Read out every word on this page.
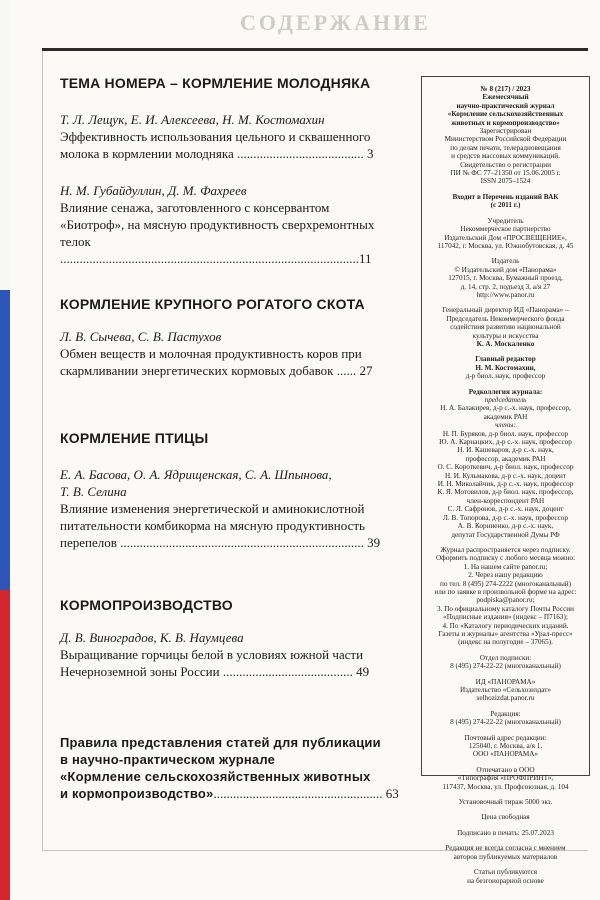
СОДЕРЖАНИЕ
ТЕМА НОМЕРА – КОРМЛЕНИЕ МОЛОДНЯКА
Т. Л. Лещук, Е. И. Алексеева, Н. М. Костомахин
Эффективность использования цельного и сквашенного
молока в кормлении молодняка ....................................... 3
Н. М. Губайдуллин, Д. М. Фахреев
Влияние сенажа, заготовленного с консервантом
«Биотроф», на мясную продуктивность сверхремонтных
телок ............................................................................................11
КОРМЛЕНИЕ КРУПНОГО РОГАТОГО СКОТА
Л. В. Сычева, С. В. Пастухов
Обмен веществ и молочная продуктивность коров при
скармливании энергетических кормовых добавок ...... 27
КОРМЛЕНИЕ ПТИЦЫ
Е. А. Басова, О. А. Ядрищенская, С. А. Шпынова,
Т. В. Селина
Влияние изменения энергетической и аминокислотной
питательности комбикорма на мясную продуктивность
перепелов ........................................................................... 39
КОРМОПРОИЗВОДСТВО
Д. В. Виноградов, К. В. Наумцева
Выращивание горчицы белой в условиях южной части
Нечерноземной зоны России ........................................ 49
Правила представления статей для публикации
в научно-практическом журнале
«Кормление сельскохозяйственных животных
и кормопроизводство».................................................... 63

№ 8 (217) / 2023

Ежемесячный

научно-практический журнал

«Кормление сельскохозяйственных

животных и кормопроизводство»

Зарегистрирован

Министерством Российской Федерации

по делам печати, телерадиовещания

и средств массовых коммуникаций.

Свидетельство о регистрации

ПИ № ФС 77–21350 от 15.06.2005 г.

ISSN 2075–1524

Входит в Перечень изданий ВАК

(с 2011 г.)

Учредитель

Некоммерческое партнерство

Издательский Дом «ПРОСВЕЩЕНИЕ»,

117042, г. Москва, ул. Южнобутовская, д. 45

Издатель

© Издательский дом «Панорама»

127015, г. Москва, Бумажный проезд,

д. 14, стр. 2, подъезд 3, а/я 27

http://www.panor.ru

Генеральный директор ИД «Панорама» –

Председатель Некоммерческого фонда

содействия развитию национальной

культуры и искусства

К. А. Москаленко

Главный редактор

Н. М. Костомахин,

д-р биол. наук, профессор

Редколлегия журнала:

председатель

Н. А. Балакирев, д-р с.-х. наук, профессор,

академик РАН

члены:

Н. П. Буряков, д-р биол. наук, профессор

Ю. А. Карнацких, д-р с.-х. наук, профессор

Н. И. Кашеваров, д-р с.-х. наук,

профессор, академик РАН

О. С. Короткевич, д-р биол. наук, профессор

Н. И. Кульмакова, д-р с.-х. наук, доцент

И. Н. Миколайчик, д-р с.-х. наук, профессор

К. Я. Мотовилов, д-р биол. наук, профессор,

член-корреспондент РАН

С. Л. Сафронов, д-р с.-х. наук, доцент

Л. В. Топорова, д-р с.-х. наук, профессор

А. В. Корниенко, д-р с.-х. наук,

депутат Государственной Думы РФ

Журнал распространяется через подписку.

Оформить подписку с любого месяца можно:

1. На нашем сайте panor.ru;

2. Через нашу редакцию

по тел. 8 (495) 274-2222 (многоканальный)

или по заявке в произвольной форме на адрес:

podpiska@panor.ru;

3. По официальному каталогу Почты России

«Подписные издания» (индекс – П7163);

4. По «Каталогу периодических изданий.

Газеты и журналы» агентства «Урал-пресс»

(индекс на полугодие – 37065).

Отдел подписки:

8 (495) 274-22-22 (многоканальный)

ИД «ПАНОРАМА»

Издательство «Сельхозиздат»

selhozizdat.panor.ru

Редакция:

8 (495) 274-22-22 (многоканальный)

Почтовый адрес редакции:

125040, г. Москва, а/я 1,

ООО «ПАНОРАМА»

Отпечатано в ООО

«Типография «ПРОФПРИНТ»,

117437, Москва, ул. Профсоюзная, д. 104

Установочный тираж 5000 экз.

Цена свободная

Подписано в печать: 25.07.2023

Редакция не всегда согласна с мнением

авторов публикуемых материалов

Статьи публикуются

на безгонорарной основе
